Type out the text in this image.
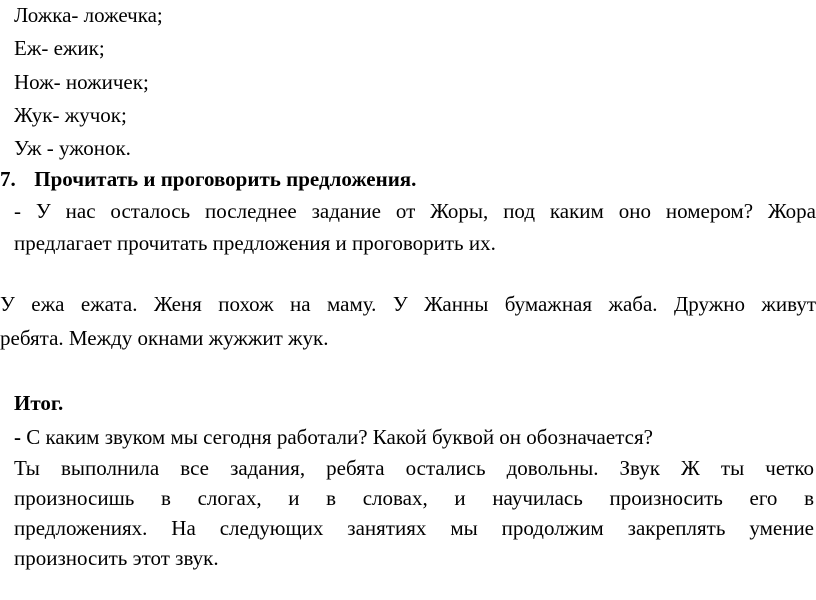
Ложка- ложечка;
Еж- ежик;
Нож- ножичек;
Жук- жучок;
Уж - ужонок.
7. Прочитать и проговорить предложения.
- У нас осталось последнее задание от Жоры, под каким оно номером? Жора
предлагает прочитать предложения и проговорить их.
У ежа ежата. Женя похож на маму. У Жанны бумажная жаба. Дружно живут
ребята. Между окнами жужжит жук.
Итог.
- С каким звуком мы сегодня работали? Какой буквой он обозначается?
Ты выполнила все задания, ребята остались довольны. Звук Ж ты четко
произносишь в слогах, и в словах, и научилась произносить его в
предложениях. На следующих занятиях мы продолжим закреплять умение
произносить этот звук.
